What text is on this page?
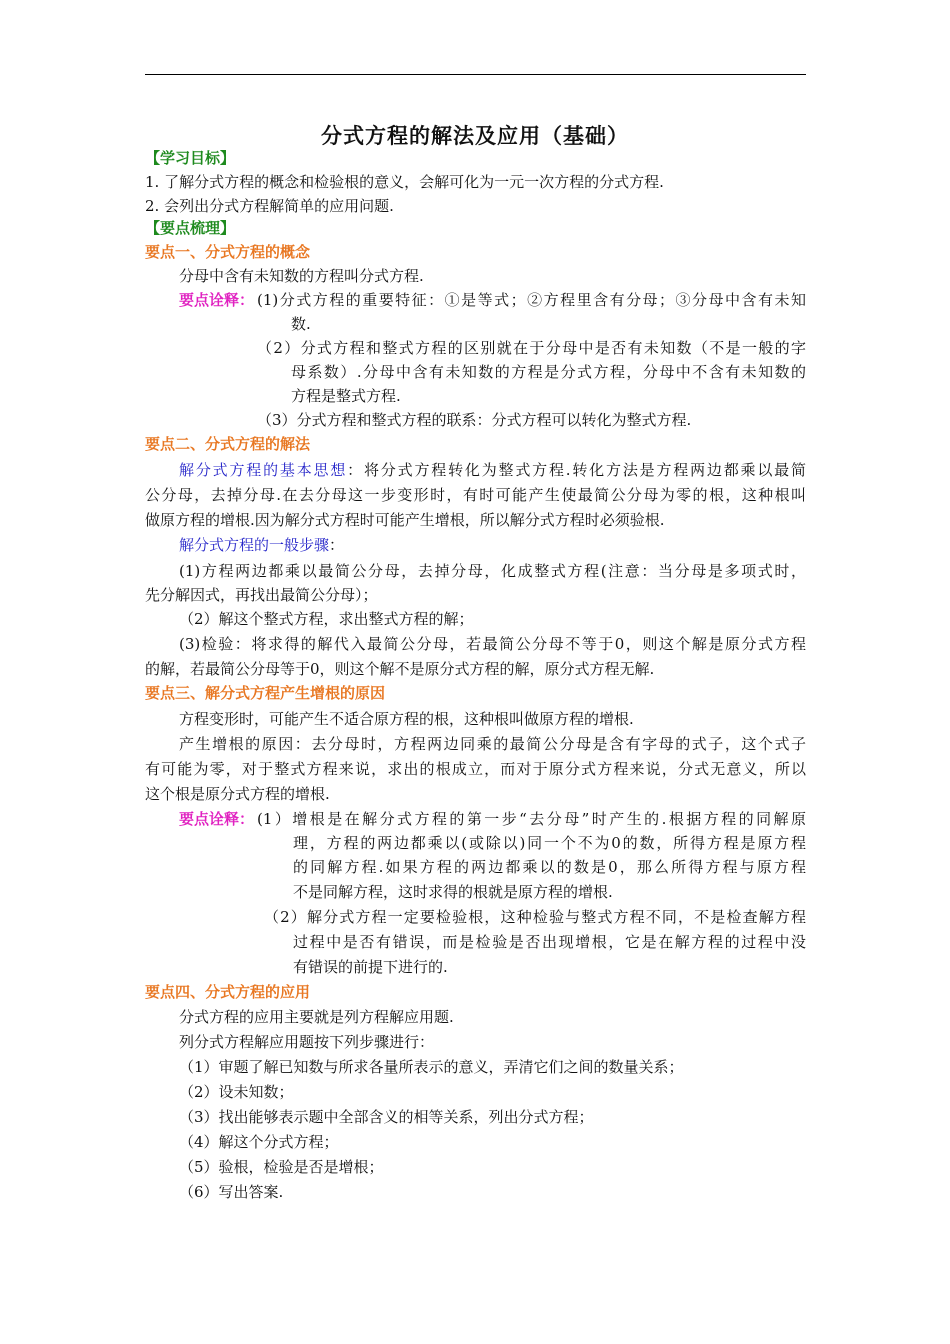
分式方程的解法及应用（基础）
【学习目标】
1. 了解分式方程的概念和检验根的意义，会解可化为一元一次方程的分式方程.
2. 会列出分式方程解简单的应用问题.
【要点梳理】
要点一、分式方程的概念
分母中含有未知数的方程叫分式方程.
要点诠释： (1)分式方程的重要特征：①是等式；②方程里含有分母；③分母中含有未知
数.
（2）分式方程和整式方程的区别就在于分母中是否有未知数（不是一般的字
母系数）.分母中含有未知数的方程是分式方程，分母中不含有未知数的
方程是整式方程.
（3）分式方程和整式方程的联系：分式方程可以转化为整式方程.
要点二、分式方程的解法
解分式方程的基本思想：将分式方程转化为整式方程.转化方法是方程两边都乘以最简
公分母，去掉分母.在去分母这一步变形时，有时可能产生使最简公分母为零的根，这种根叫
做原方程的增根.因为解分式方程时可能产生增根，所以解分式方程时必须验根.
解分式方程的一般步骤：
(1)方程两边都乘以最简公分母，去掉分母，化成整式方程(注意：当分母是多项式时，
先分解因式，再找出最简公分母）；
（2）解这个整式方程，求出整式方程的解；
(3)检验：将求得的解代入最简公分母，若最简公分母不等于0，则这个解是原分式方程
的解，若最简公分母等于0，则这个解不是原分式方程的解，原分式方程无解.
要点三、解分式方程产生增根的原因
方程变形时，可能产生不适合原方程的根，这种根叫做原方程的增根.
产生增根的原因：去分母时，方程两边同乘的最简公分母是含有字母的式子，这个式子
有可能为零，对于整式方程来说，求出的根成立，而对于原分式方程来说，分式无意义，所以
这个根是原分式方程的增根.
要点诠释： (1）增根是在解分式方程的第一步“去分母”时产生的.根据方程的同解原
理，方程的两边都乘以(或除以)同一个不为0的数，所得方程是原方程
的同解方程.如果方程的两边都乘以的数是0，那么所得方程与原方程
不是同解方程，这时求得的根就是原方程的增根.
（2）解分式方程一定要检验根，这种检验与整式方程不同，不是检查解方程
过程中是否有错误，而是检验是否出现增根，它是在解方程的过程中没
有错误的前提下进行的.
要点四、分式方程的应用
分式方程的应用主要就是列方程解应用题.
列分式方程解应用题按下列步骤进行：
（1）审题了解已知数与所求各量所表示的意义，弄清它们之间的数量关系；
（2）设未知数；
（3）找出能够表示题中全部含义的相等关系，列出分式方程；
（4）解这个分式方程；
（5）验根，检验是否是增根；
（6）写出答案.
